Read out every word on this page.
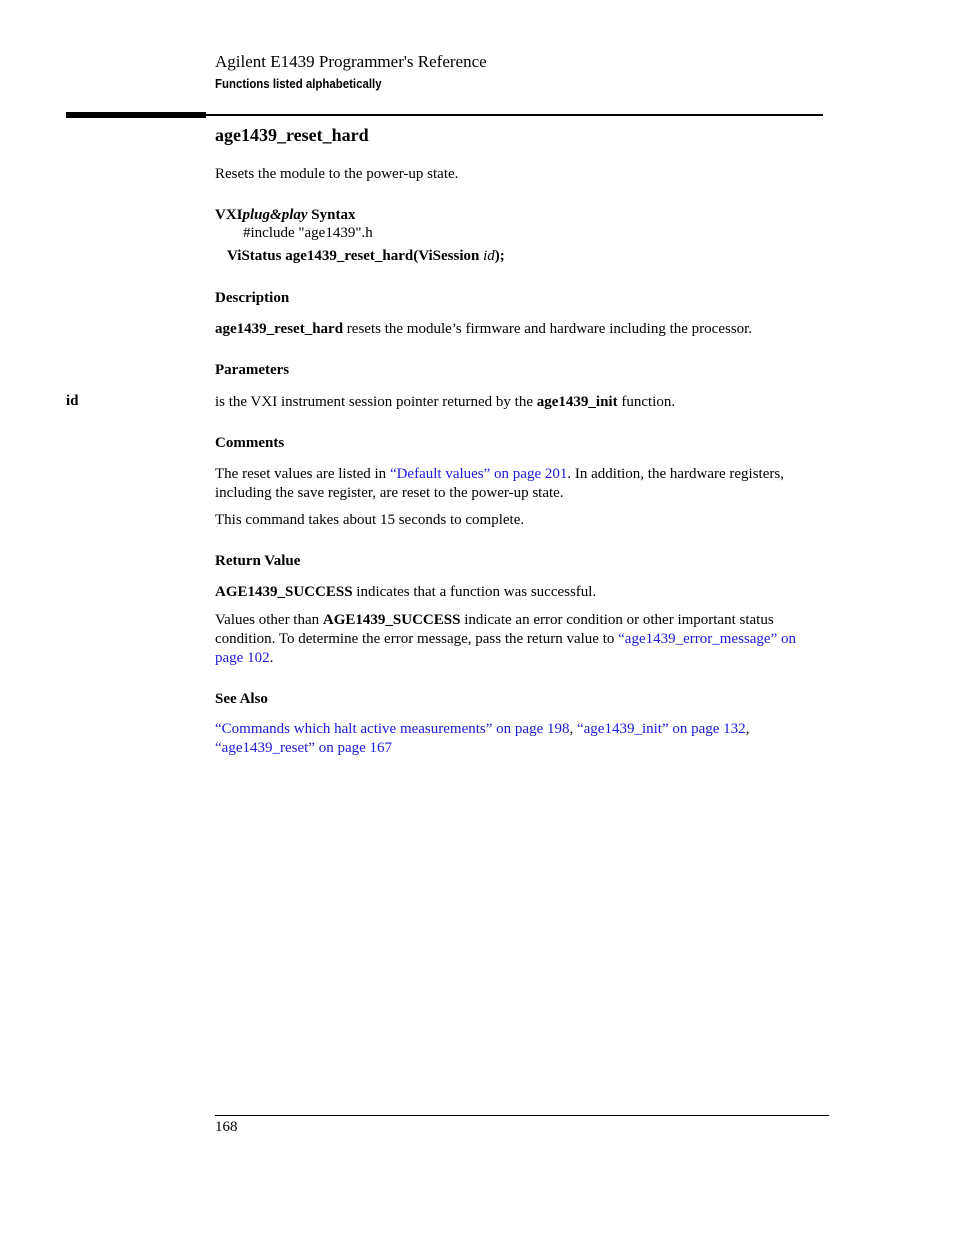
Agilent E1439 Programmer's Reference
Functions listed alphabetically
age1439_reset_hard
Resets the module to the power-up state.
VXIplug&play Syntax
#include "age1439".h
ViStatus age1439_reset_hard(ViSession id);
Description
age1439_reset_hard resets the module’s firmware and hardware including the processor.
Parameters
id	is the VXI instrument session pointer returned by the age1439_init function.
Comments
The reset values are listed in “Default values” on page 201. In addition, the hardware registers, including the save register, are reset to the power-up state.
This command takes about 15 seconds to complete.
Return Value
AGE1439_SUCCESS indicates that a function was successful.
Values other than AGE1439_SUCCESS indicate an error condition or other important status condition. To determine the error message, pass the return value to “age1439_error_message” on page 102.
See Also
“Commands which halt active measurements” on page 198, “age1439_init” on page 132,
“age1439_reset” on page 167
168
